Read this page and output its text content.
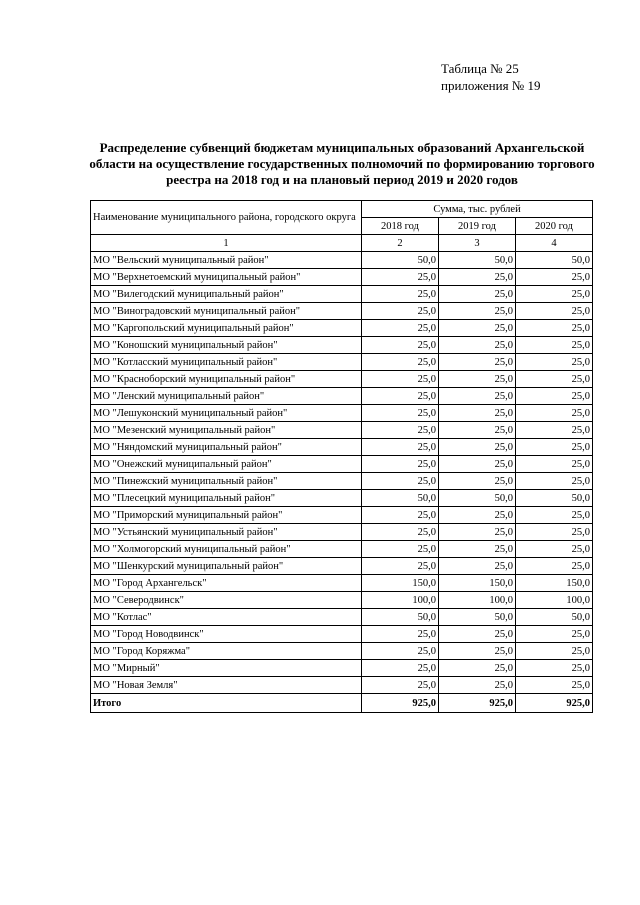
Таблица № 25
приложения № 19
Распределение субвенций бюджетам муниципальных образований Архангельской области на осуществление государственных полномочий по формированию торгового реестра на 2018 год и на плановый период 2019 и 2020 годов
Наименование муниципального района, городского округа	Сумма, тыс. рублей		
	2018 год	2019 год	2020 год
1	2	3	4
МО "Вельский муниципальный район"	50,0	50,0	50,0
МО "Верхнетоемский муниципальный район"	25,0	25,0	25,0
МО "Вилегодский муниципальный район"	25,0	25,0	25,0
МО "Виноградовский муниципальный район"	25,0	25,0	25,0
МО "Каргопольский муниципальный район"	25,0	25,0	25,0
МО "Коношский муниципальный район"	25,0	25,0	25,0
МО "Котласский муниципальный район"	25,0	25,0	25,0
МО "Красноборский муниципальный район"	25,0	25,0	25,0
МО "Ленский муниципальный район"	25,0	25,0	25,0
МО "Лешуконский муниципальный район"	25,0	25,0	25,0
МО "Мезенский муниципальный район"	25,0	25,0	25,0
МО "Няндомский муниципальный район"	25,0	25,0	25,0
МО "Онежский муниципальный район"	25,0	25,0	25,0
МО "Пинежский муниципальный район"	25,0	25,0	25,0
МО "Плесецкий муниципальный район"	50,0	50,0	50,0
МО "Приморский муниципальный район"	25,0	25,0	25,0
МО "Устьянский муниципальный район"	25,0	25,0	25,0
МО "Холмогорский муниципальный район"	25,0	25,0	25,0
МО "Шенкурский муниципальный район"	25,0	25,0	25,0
МО "Город Архангельск"	150,0	150,0	150,0
МО "Северодвинск"	100,0	100,0	100,0
МО "Котлас"	50,0	50,0	50,0
МО "Город Новодвинск"	25,0	25,0	25,0
МО "Город Коряжма"	25,0	25,0	25,0
МО "Мирный"	25,0	25,0	25,0
МО "Новая Земля"	25,0	25,0	25,0
Итого	925,0	925,0	925,0
